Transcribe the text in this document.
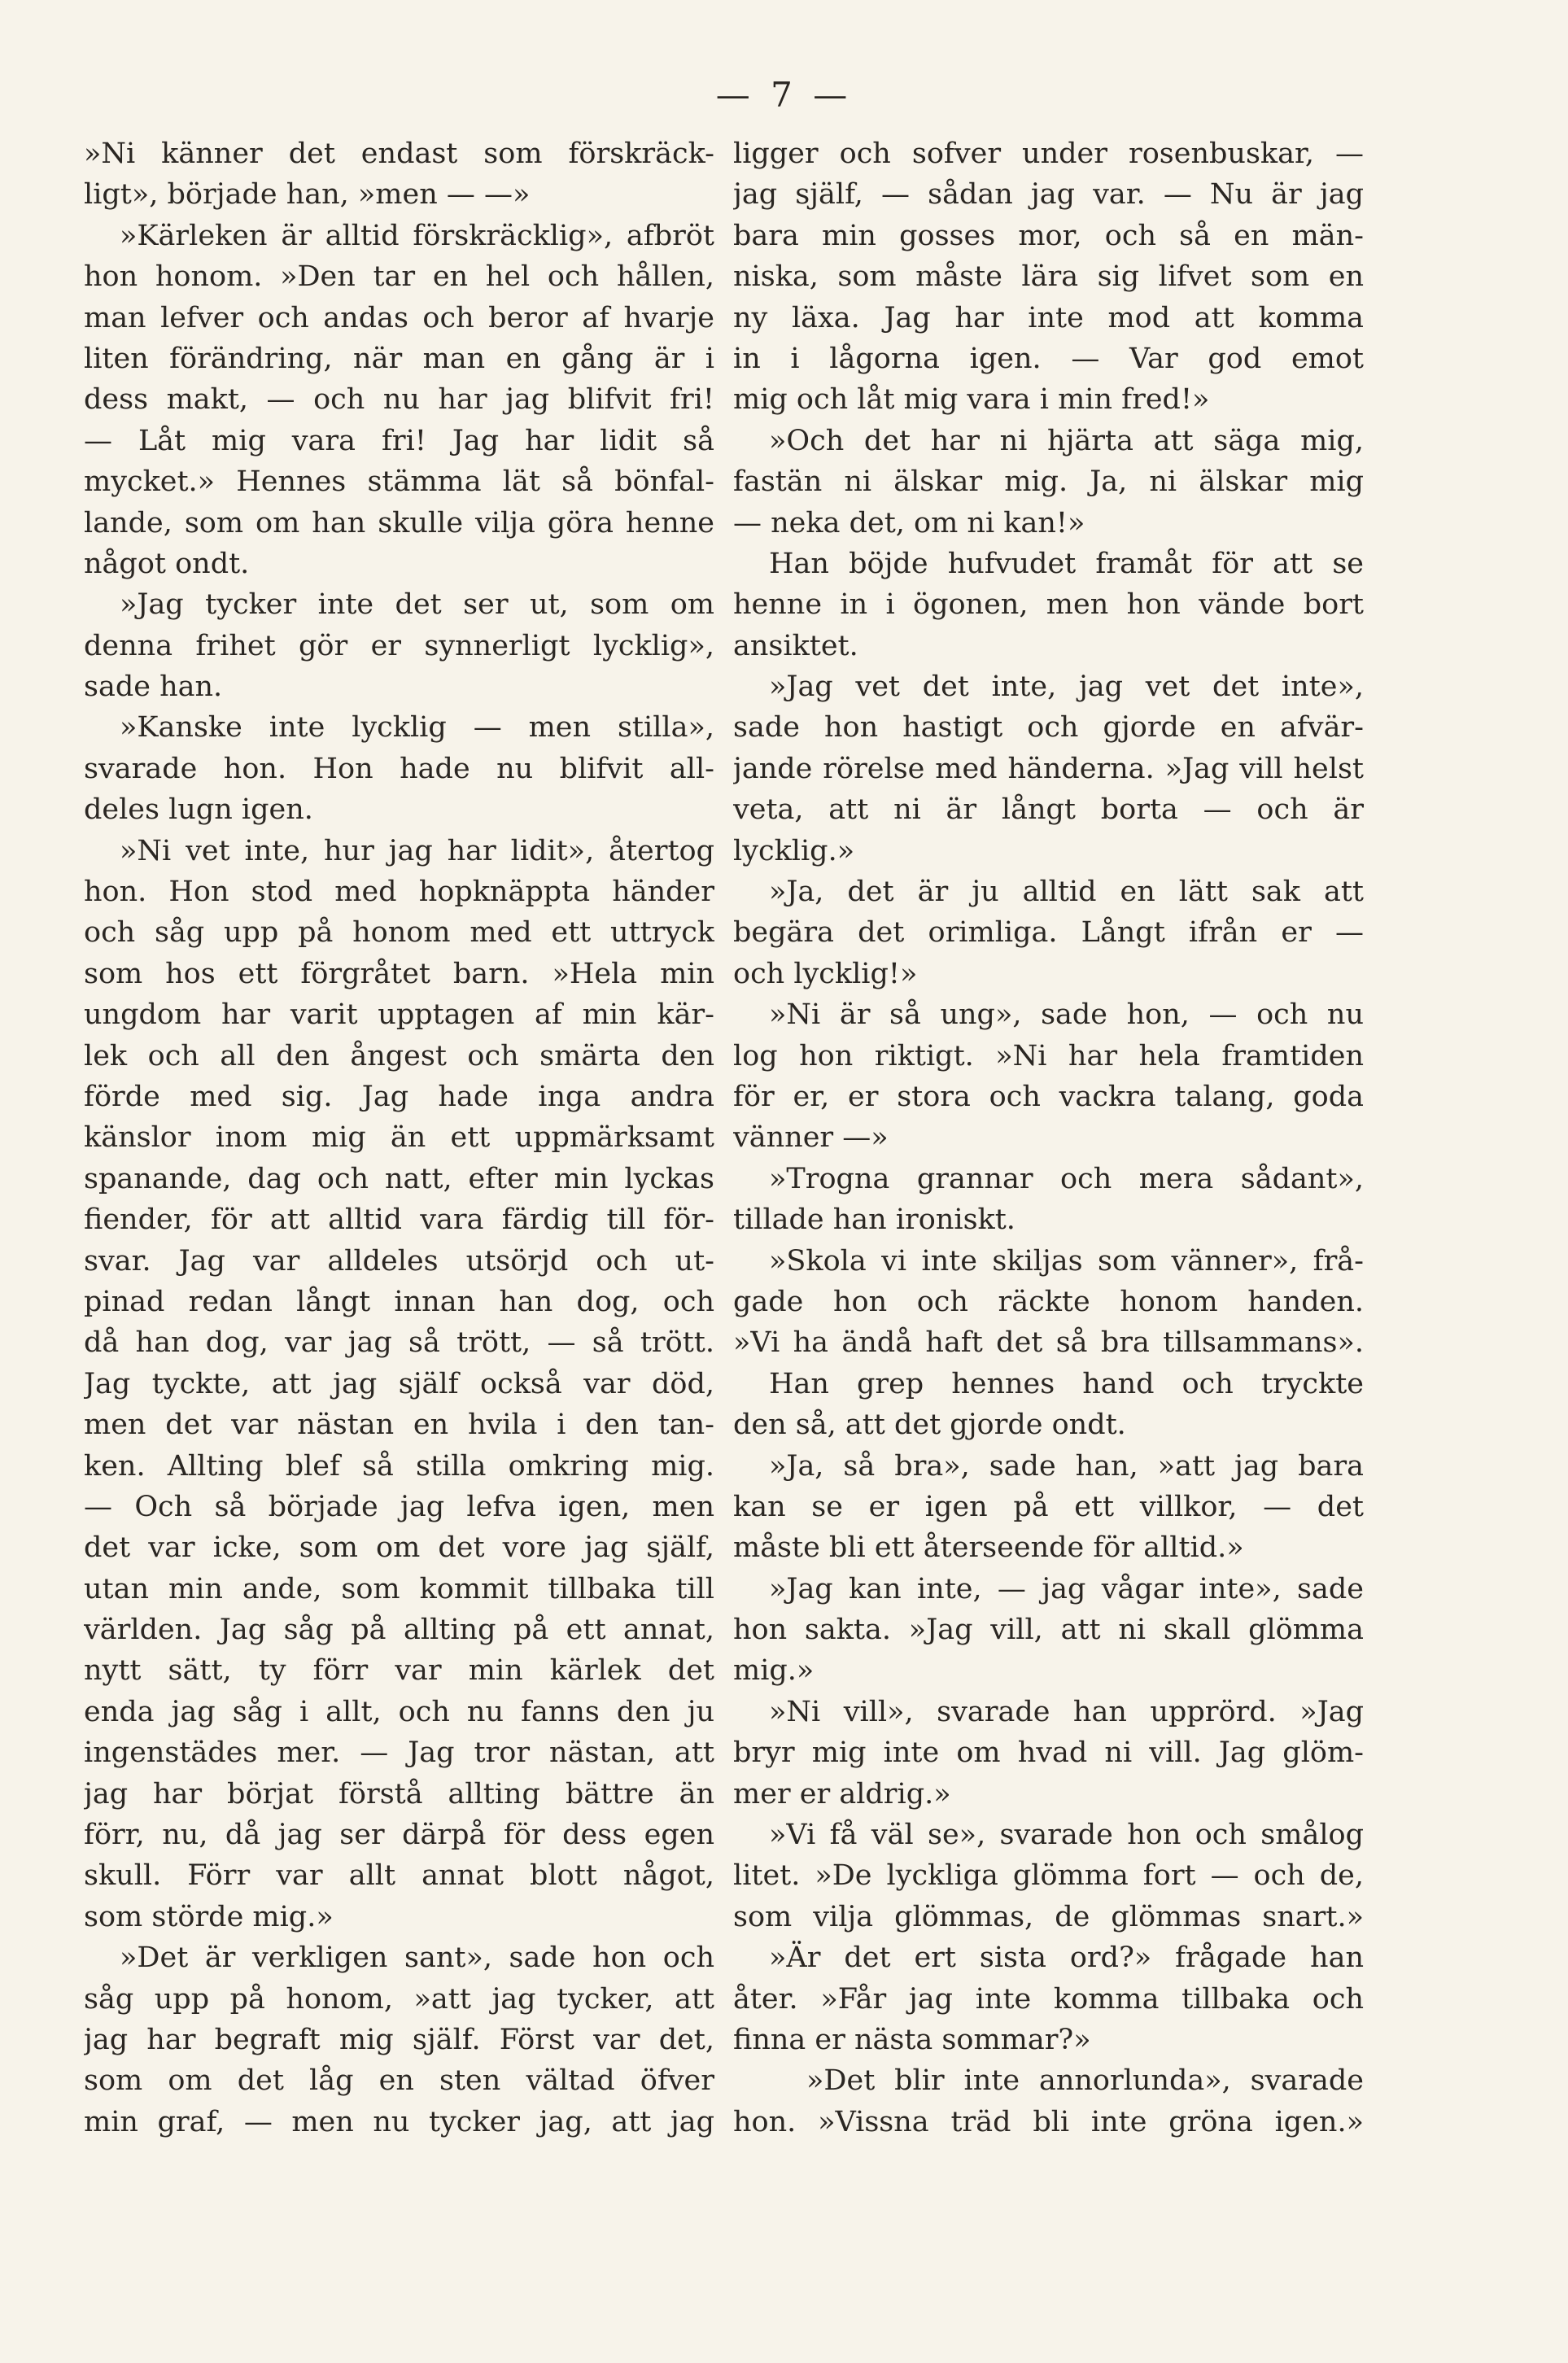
— 7 —
»Ni känner det endast som förskräck-
ligt», började han, »men — —»
»Kärleken är alltid förskräcklig», afbröt
hon honom. »Den tar en hel och hållen,
man lefver och andas och beror af hvarje
liten förändring, när man en gång är i
dess makt, — och nu har jag blifvit fri!
— Låt mig vara fri! Jag har lidit så
mycket.» Hennes stämma lät så bönfal-
lande, som om han skulle vilja göra henne
något ondt.
»Jag tycker inte det ser ut, som om
denna frihet gör er synnerligt lycklig»,
sade han.
»Kanske inte lycklig — men stilla»,
svarade hon. Hon hade nu blifvit all-
deles lugn igen.
»Ni vet inte, hur jag har lidit», återtog
hon. Hon stod med hopknäppta händer
och såg upp på honom med ett uttryck
som hos ett förgråtet barn. »Hela min
ungdom har varit upptagen af min kär-
lek och all den ångest och smärta den
förde med sig. Jag hade inga andra
känslor inom mig än ett uppmärksamt
spanande, dag och natt, efter min lyckas
fiender, för att alltid vara färdig till för-
svar. Jag var alldeles utsörjd och ut-
pinad redan långt innan han dog, och
då han dog, var jag så trött, — så trött.
Jag tyckte, att jag själf också var död,
men det var nästan en hvila i den tan-
ken. Allting blef så stilla omkring mig.
— Och så började jag lefva igen, men
det var icke, som om det vore jag själf,
utan min ande, som kommit tillbaka till
världen. Jag såg på allting på ett annat,
nytt sätt, ty förr var min kärlek det
enda jag såg i allt, och nu fanns den ju
ingenstädes mer. — Jag tror nästan, att
jag har börjat förstå allting bättre än
förr, nu, då jag ser därpå för dess egen
skull. Förr var allt annat blott något,
som störde mig.»
»Det är verkligen sant», sade hon och
såg upp på honom, »att jag tycker, att
jag har begraft mig själf. Först var det,
som om det låg en sten vältad öfver
min graf, — men nu tycker jag, att jag
ligger och sofver under rosenbuskar, —
jag själf, — sådan jag var. — Nu är jag
bara min gosses mor, och så en män-
niska, som måste lära sig lifvet som en
ny läxa. Jag har inte mod att komma
in i lågorna igen. — Var god emot
mig och låt mig vara i min fred!»
»Och det har ni hjärta att säga mig,
fastän ni älskar mig. Ja, ni älskar mig
— neka det, om ni kan!»
Han böjde hufvudet framåt för att se
henne in i ögonen, men hon vände bort
ansiktet.
»Jag vet det inte, jag vet det inte»,
sade hon hastigt och gjorde en afvär-
jande rörelse med händerna. »Jag vill helst
veta, att ni är långt borta — och är
lycklig.»
»Ja, det är ju alltid en lätt sak att
begära det orimliga. Långt ifrån er —
och lycklig!»
»Ni är så ung», sade hon, — och nu
log hon riktigt. »Ni har hela framtiden
för er, er stora och vackra talang, goda
vänner —»
»Trogna grannar och mera sådant»,
tillade han ironiskt.
»Skola vi inte skiljas som vänner», frå-
gade hon och räckte honom handen.
»Vi ha ändå haft det så bra tillsammans».
Han grep hennes hand och tryckte
den så, att det gjorde ondt.
»Ja, så bra», sade han, »att jag bara
kan se er igen på ett villkor, — det
måste bli ett återseende för alltid.»
»Jag kan inte, — jag vågar inte», sade
hon sakta. »Jag vill, att ni skall glömma
mig.»
»Ni vill», svarade han upprörd. »Jag
bryr mig inte om hvad ni vill. Jag glöm-
mer er aldrig.»
»Vi få väl se», svarade hon och smålog
litet. »De lyckliga glömma fort — och de,
som vilja glömmas, de glömmas snart.»
»Är det ert sista ord?» frågade han
åter. »Får jag inte komma tillbaka och
finna er nästa sommar?»
»Det blir inte annorlunda», svarade
hon. »Vissna träd bli inte gröna igen.»
